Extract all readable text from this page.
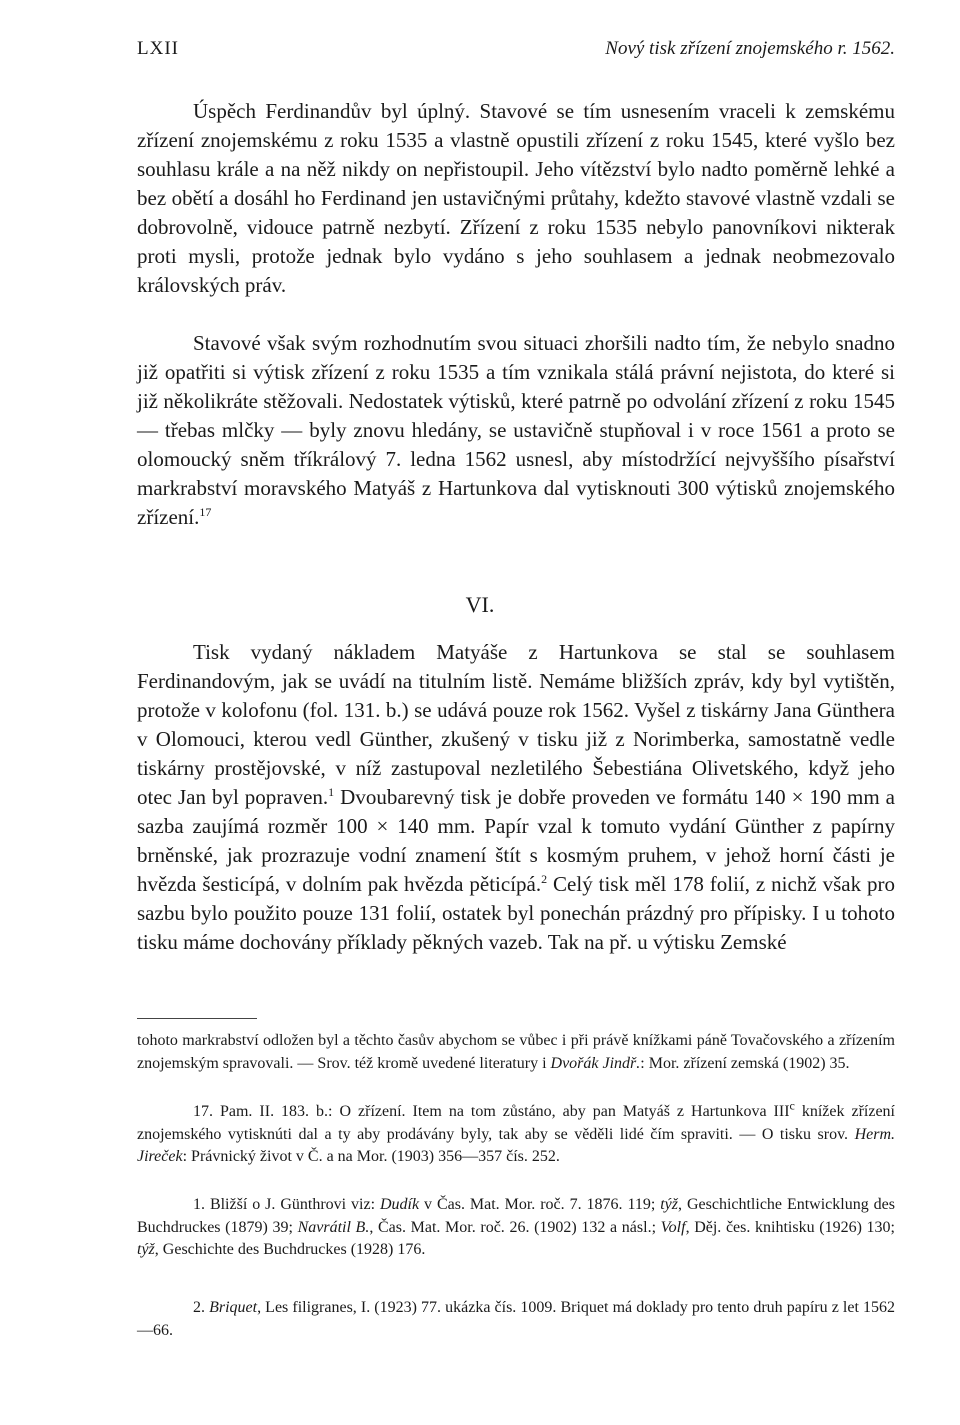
LXII	Nový tisk zřízení znojemského r. 1562.

Úspěch Ferdinandův byl úplný. Stavové se tím usnesením vraceli k zemskému zřízení znojemskému z roku 1535 a vlastně opustili zřízení z roku 1545, které vyšlo bez souhlasu krále a na něž nikdy on nepřistoupil. Jeho vítězství bylo nadto poměrně lehké a bez obětí a dosáhl ho Ferdinand jen ustavičnými průtahy, kdežto stavové vlastně vzdali se dobrovolně, vidouce patrně nezbytí. Zřízení z roku 1535 nebylo panovníkovi nikterak proti mysli, protože jednak bylo vydáno s jeho souhlasem a jednak neobmezovalo královských práv.

Stavové však svým rozhodnutím svou situaci zhoršili nadto tím, že nebylo snadno již opatřiti si výtisk zřízení z roku 1535 a tím vznikala stálá právní nejistota, do které si již několikráte stěžovali. Nedostatek výtisků, které patrně po odvolání zřízení z roku 1545 — třebas mlčky — byly znovu hledány, se ustavičně stupňoval i v roce 1561 a proto se olomoucký sněm tříkrálový 7. ledna 1562 usnesl, aby místodržící nejvyššího písařství markrabství moravského Matyáš z Hartunkova dal vytisknouti 300 výtisků znojemského zřízení.$^{17}$

VI.

Tisk vydaný nákladem Matyáše z Hartunkova se stal se souhlasem Ferdinandovým, jak se uvádí na titulním listě. Nemáme bližších zpráv, kdy byl vytištěn, protože v kolofonu (fol. 131. b.) se udává pouze rok 1562. Vyšel z tiskárny Jana Günthera v Olomouci, kterou vedl Günther, zkušený v tisku již z Norimberka, samostatně vedle tiskárny prostějovské, v níž zastupoval nezletilého Šebestiána Olivetského, když jeho otec Jan byl popraven.$^1$ Dvoubarevný tisk je dobře proveden ve formátu 140 × 190 mm a sazba zaujímá rozměr 100 × 140 mm. Papír vzal k tomuto vydání Günther z papírny brněnské, jak prozrazuje vodní znamení štít s kosmým pruhem, v jehož horní části je hvězda šesticípá, v dolním pak hvězda pěticípá.$^2$ Celý tisk měl 178 folií, z nichž však pro sazbu bylo použito pouze 131 folií, ostatek byl ponechán prázdný pro přípisky. I u tohoto tisku máme dochovány příklady pěkných vazeb. Tak na př. u výtisku Zemské

tohoto markrabství odložen byl a těchto časův abychom se vůbec i při právě knížkami páně Tovačovského a zřízením znojemským spravovali. — Srov. též kromě uvedené literatury i Dvořák Jindř.: Mor. zřízení zemská (1902) 35.

17. Pam. II. 183. b.: O zřízení. Item na tom zůstáno, aby pan Matyáš z Hartunkova III$^c$ knížek zřízení znojemského vytisknúti dal a ty aby prodávány byly, tak aby se věděli lidé čím spraviti. — O tisku srov. Herm. Jireček: Právnický život v Č. a na Mor. (1903) 356—357 čís. 252.

1. Bližší o J. Günthrovi viz: Dudík v Čas. Mat. Mor. roč. 7. 1876. 119; týž, Geschichtliche Entwicklung des Buchdruckes (1879) 39; Navrátil B., Čas. Mat. Mor. roč. 26. (1902) 132 a násl.; Volf, Děj. čes. knihtisku (1926) 130; týž, Geschichte des Buchdruckes (1928) 176.

2. Briquet, Les filigranes, I. (1923) 77. ukázka čís. 1009. Briquet má doklady pro tento druh papíru z let 1562—66.
